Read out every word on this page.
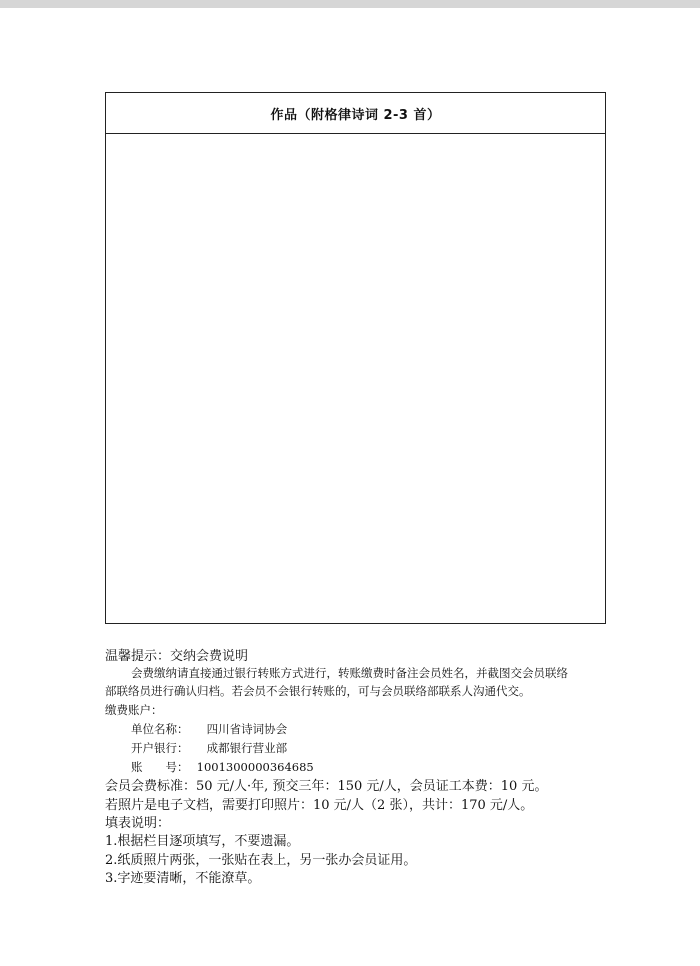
作品（附格律诗词 2-3 首）
温馨提示：交纳会费说明
会费缴纳请直接通过银行转账方式进行，转账缴费时备注会员姓名，并截图交会员联络
部联络员进行确认归档。若会员不会银行转账的，可与会员联络部联系人沟通代交。
缴费账户：
单位名称： 四川省诗词协会
开户银行： 成都银行营业部
账　　号： 1001300000364685
会员会费标准：50 元/人·年, 预交三年：150 元/人，会员证工本费：10 元。
若照片是电子文档，需要打印照片：10 元/人（2 张），共计：170 元/人。
填表说明：
1.根据栏目逐项填写，不要遗漏。
2.纸质照片两张，一张贴在表上，另一张办会员证用。
3.字迹要清晰，不能潦草。
